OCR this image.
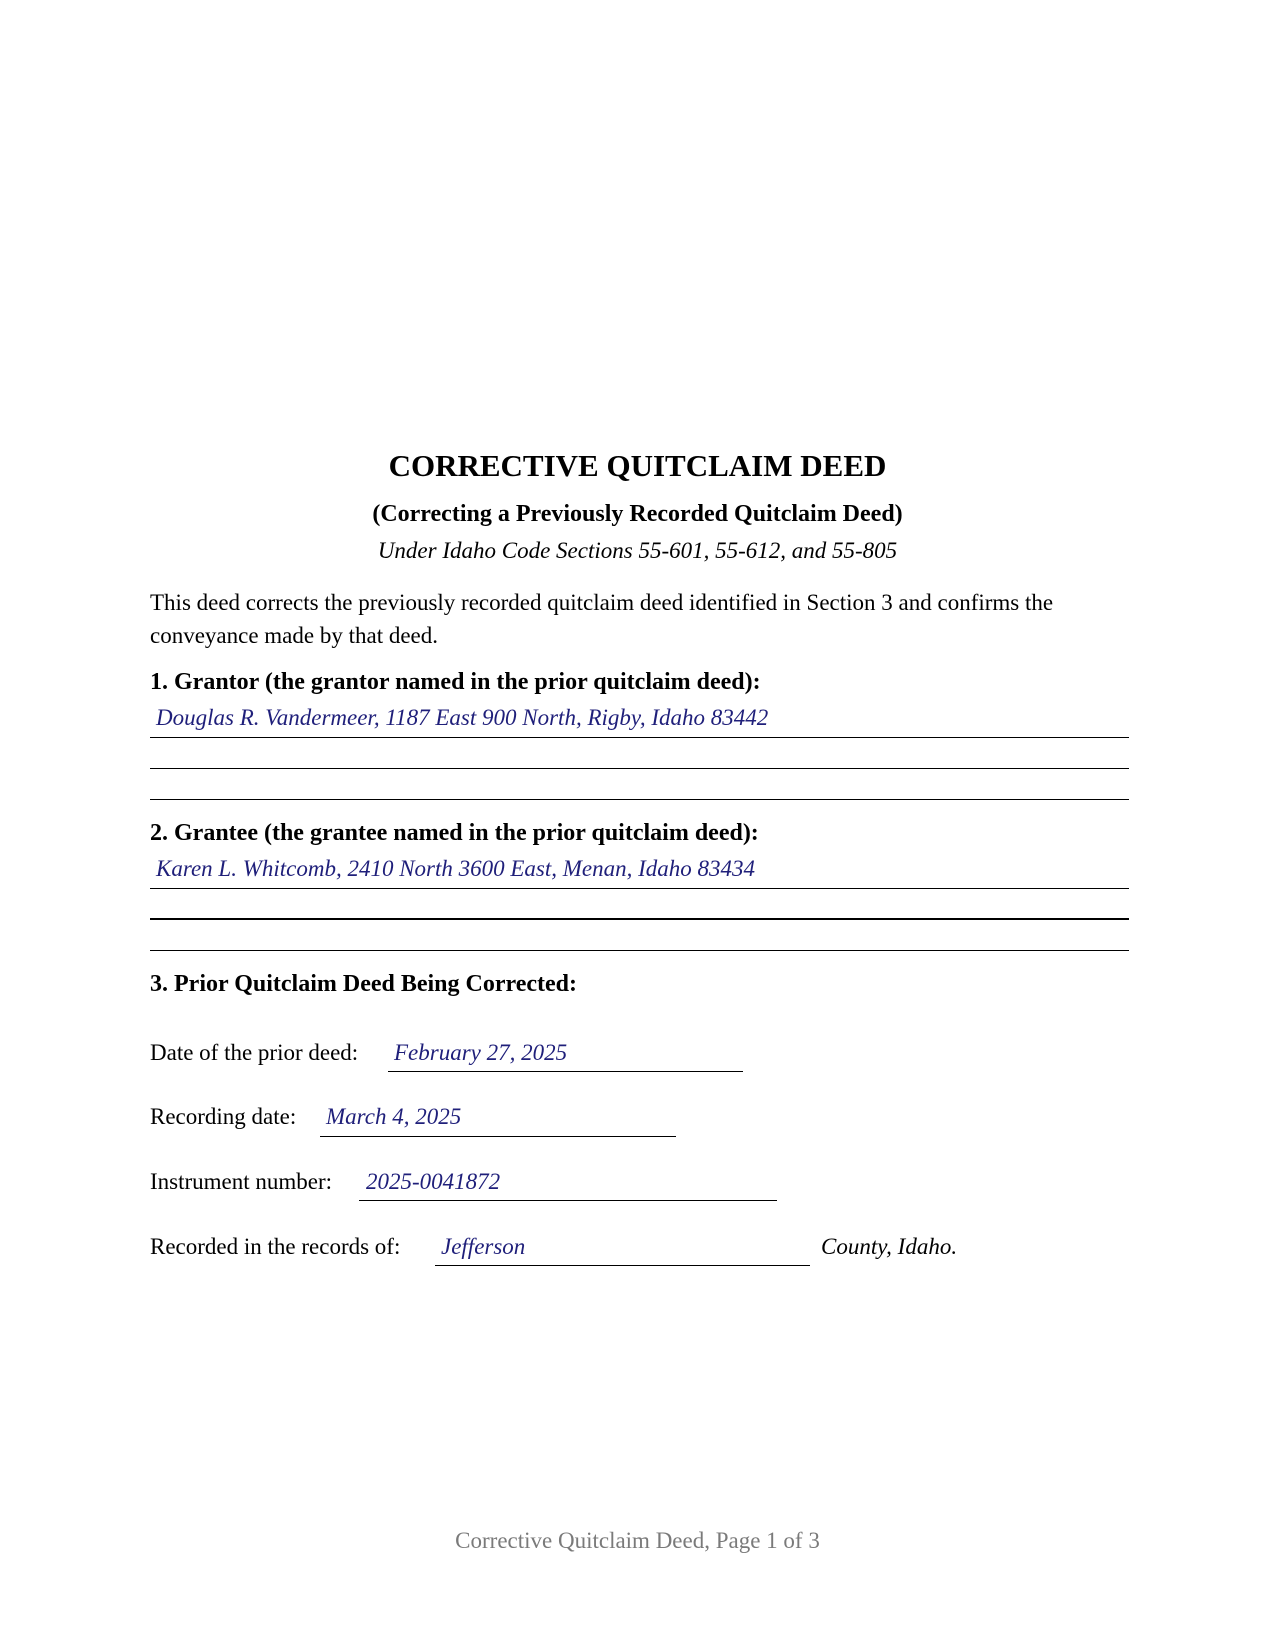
CORRECTIVE QUITCLAIM DEED
(Correcting a Previously Recorded Quitclaim Deed)
Under Idaho Code Sections 55-601, 55-612, and 55-805
This deed corrects the previously recorded quitclaim deed identified in Section 3 and confirms the conveyance made by that deed.
1. Grantor (the grantor named in the prior quitclaim deed):
Douglas R. Vandermeer, 1187 East 900 North, Rigby, Idaho 83442
2. Grantee (the grantee named in the prior quitclaim deed):
Karen L. Whitcomb, 2410 North 3600 East, Menan, Idaho 83434
3. Prior Quitclaim Deed Being Corrected:
Date of the prior deed: February 27, 2025
Recording date: March 4, 2025
Instrument number: 2025-0041872
Recorded in the records of: Jefferson	County, Idaho.
Corrective Quitclaim Deed, Page 1 of 3
